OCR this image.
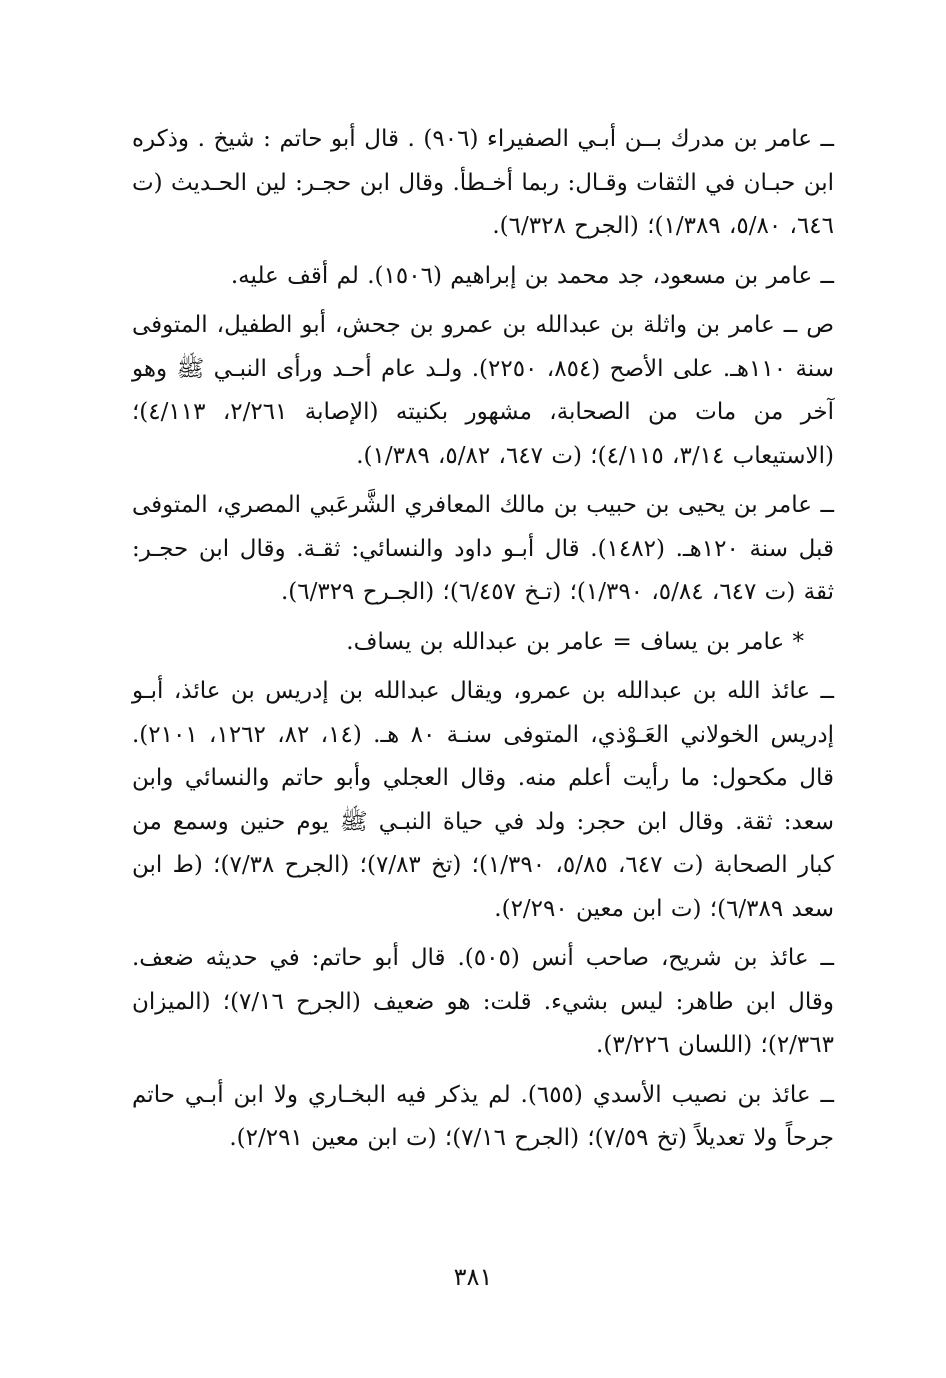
ــ عامر بن مدرك بــن أبـي الصفيراء (٩٠٦) . قال أبو حاتم : شيخ . وذكره ابن حبـان في الثقات وقـال: ربما أخـطأ. وقال ابن حجـر: لين الحـديث (ت ٦٤٦، ٥/٨٠، ١/٣٨٩)؛ (الجرح ٦/٣٢٨).

ــ عامر بن مسعود، جد محمد بن إبراهيم (١٥٠٦). لم أقف عليه.

ص ــ عامر بن واثلة بن عبدالله بن عمرو بن جحش، أبو الطفيل، المتوفى سنة ١١٠هـ. على الأصح (٨٥٤، ٢٢٥٠). ولـد عام أحـد ورأى النبـي ﷺ وهو آخر من مات من الصحابة، مشهور بكنيته (الإصابة ٢/٢٦١، ٤/١١٣)؛ (الاستيعاب ٣/١٤، ٤/١١٥)؛ (ت ٦٤٧، ٥/٨٢، ١/٣٨٩).

ــ عامر بن يحيى بن حبيب بن مالك المعافري الشَّرعَبي المصري، المتوفى قبل سنة ١٢٠هـ. (١٤٨٢). قال أبـو داود والنسائي: ثقـة. وقال ابن حجـر: ثقة (ت ٦٤٧، ٥/٨٤، ١/٣٩٠)؛ (تـخ ٦/٤٥٧)؛ (الجـرح ٦/٣٢٩).

* عامر بن يساف = عامر بن عبدالله بن يساف.

ــ عائذ الله بن عبدالله بن عمرو، ويقال عبدالله بن إدريس بن عائذ، أبـو إدريس الخولاني العَـوْذي، المتوفى سنـة ٨٠ هـ. (١٤، ٨٢، ١٢٦٢، ٢١٠١). قال مكحول: ما رأيت أعلم منه. وقال العجلي وأبو حاتم والنسائي وابن سعد: ثقة. وقال ابن حجر: ولد في حياة النبـي ﷺ يوم حنين وسمع من كبار الصحابة (ت ٦٤٧، ٥/٨٥، ١/٣٩٠)؛ (تخ ٧/٨٣)؛ (الجرح ٧/٣٨)؛ (ط ابن سعد ٦/٣٨٩)؛ (ت ابن معين ٢/٢٩٠).

ــ عائذ بن شريح، صاحب أنس (٥٠٥). قال أبو حاتم: في حديثه ضعف. وقال ابن طاهر: ليس بشيء. قلت: هو ضعيف (الجرح ٧/١٦)؛ (الميزان ٢/٣٦٣)؛ (اللسان ٣/٢٢٦).

ــ عائذ بن نصيب الأسدي (٦٥٥). لم يذكر فيه البخـاري ولا ابن أبـي حاتم جرحاً ولا تعديلاً (تخ ٧/٥٩)؛ (الجرح ٧/١٦)؛ (ت ابن معين ٢/٢٩١).

٣٨١
